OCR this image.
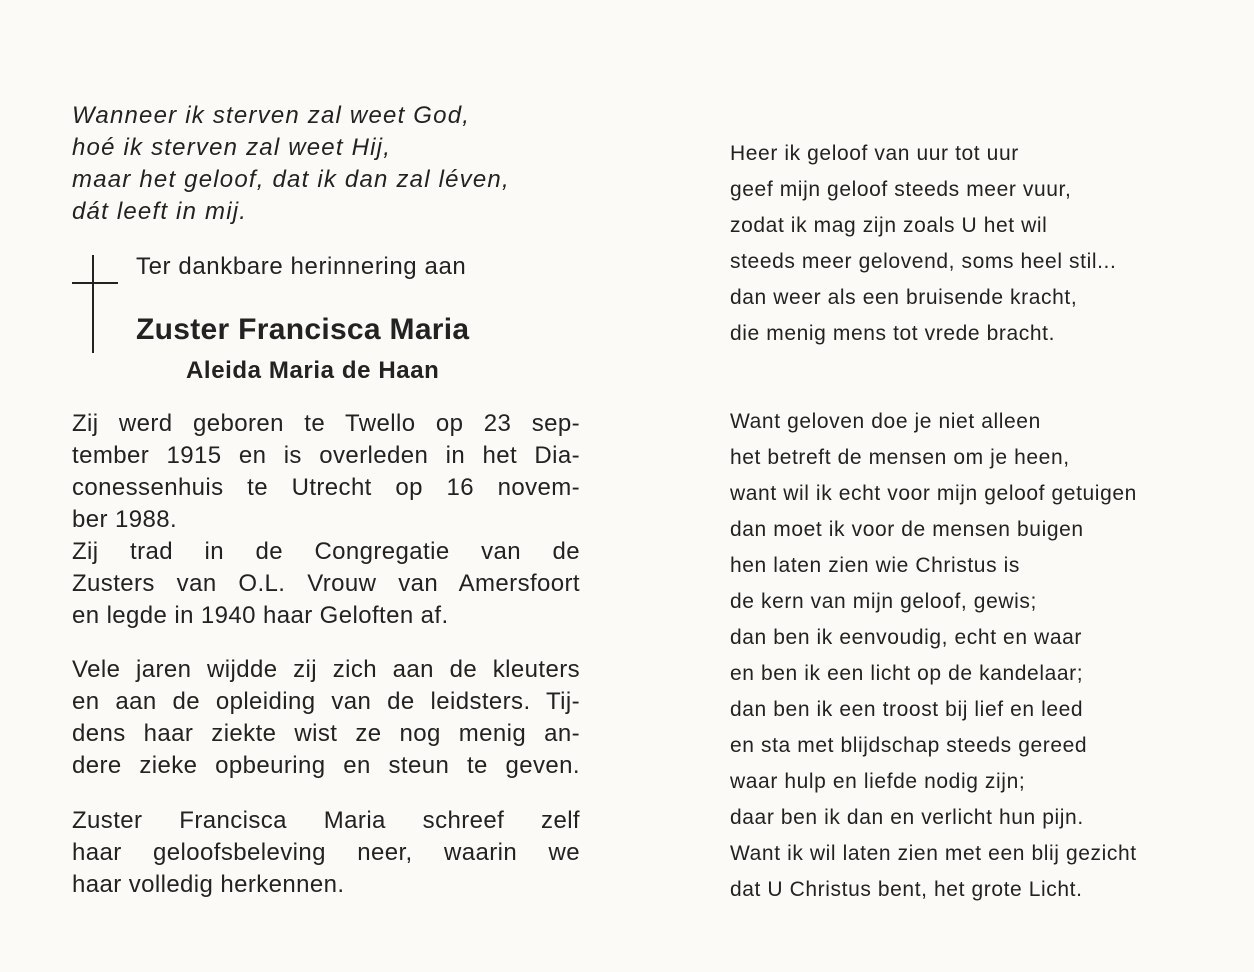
Wanneer ik sterven zal weet God,
hoé ik sterven zal weet Hij,
maar het geloof, dat ik dan zal léven,
dát leeft in mij.
Ter dankbare herinnering aan
Zuster Francisca Maria
Aleida Maria de Haan
Zij werd geboren te Twello op 23 sep-
tember 1915 en is overleden in het Dia-
conessenhuis te Utrecht op 16 novem-
ber 1988.
Zij trad in de Congregatie van de
Zusters van O.L. Vrouw van Amersfoort
en legde in 1940 haar Geloften af.
Vele jaren wijdde zij zich aan de kleuters
en aan de opleiding van de leidsters. Tij-
dens haar ziekte wist ze nog menig an-
dere zieke opbeuring en steun te geven.
Zuster Francisca Maria schreef zelf
haar geloofsbeleving neer, waarin we
haar volledig herkennen.
Heer ik geloof van uur tot uur
geef mijn geloof steeds meer vuur,
zodat ik mag zijn zoals U het wil
steeds meer gelovend, soms heel stil...
dan weer als een bruisende kracht,
die menig mens tot vrede bracht.
Want geloven doe je niet alleen
het betreft de mensen om je heen,
want wil ik echt voor mijn geloof getuigen
dan moet ik voor de mensen buigen
hen laten zien wie Christus is
de kern van mijn geloof, gewis;
dan ben ik eenvoudig, echt en waar
en ben ik een licht op de kandelaar;
dan ben ik een troost bij lief en leed
en sta met blijdschap steeds gereed
waar hulp en liefde nodig zijn;
daar ben ik dan en verlicht hun pijn.
Want ik wil laten zien met een blij gezicht
dat U Christus bent, het grote Licht.
